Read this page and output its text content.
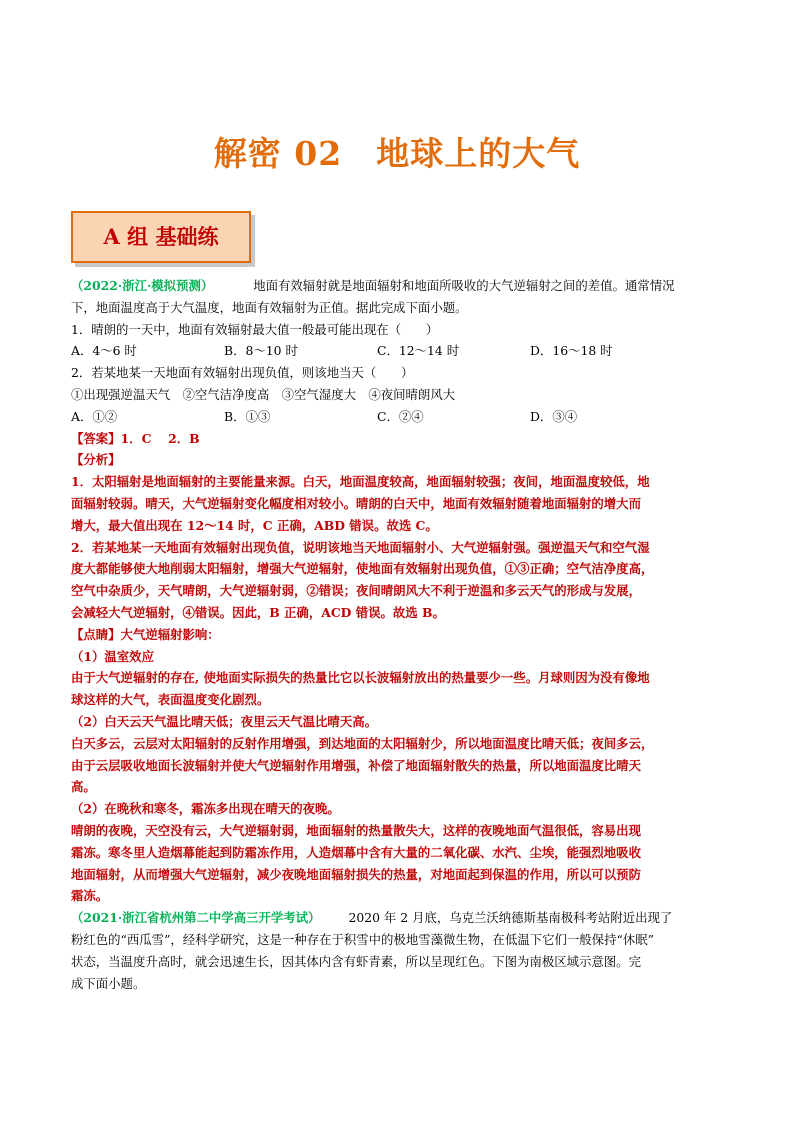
解密 02　地球上的大气
A 组 基础练
（2022·浙江·模拟预测）	地面有效辐射就是地面辐射和地面所吸收的大气逆辐射之间的差值。通常情况
下，地面温度高于大气温度，地面有效辐射为正值。据此完成下面小题。
1．晴朗的一天中，地面有效辐射最大值一般最可能出现在（　　）
A．4～6 时	B．8～10 时	C．12～14 时	D．16～18 时
2．若某地某一天地面有效辐射出现负值，则该地当天（　　）
①出现强逆温天气　②空气洁净度高　③空气湿度大　④夜间晴朗风大
A．①②	B．①③	C．②④	D．③④
【答案】1．C　 2．B
【分析】
1．太阳辐射是地面辐射的主要能量来源。白天，地面温度较高，地面辐射较强；夜间，地面温度较低，地
面辐射较弱。晴天，大气逆辐射变化幅度相对较小。晴朗的白天中，地面有效辐射随着地面辐射的增大而
增大，最大值出现在 12～14 时，C 正确，ABD 错误。故选 C。
2．若某地某一天地面有效辐射出现负值，说明该地当天地面辐射小、大气逆辐射强。强逆温天气和空气湿
度大都能够使大地削弱太阳辐射，增强大气逆辐射，使地面有效辐射出现负值，①③正确；空气洁净度高，
空气中杂质少，天气晴朗，大气逆辐射弱，②错误；夜间晴朗风大不利于逆温和多云天气的形成与发展，
会减轻大气逆辐射，④错误。因此，B 正确，ACD 错误。故选 B。
【点睛】大气逆辐射影响：
（1）温室效应
由于大气逆辐射的存在, 使地面实际损失的热量比它以长波辐射放出的热量要少一些。月球则因为没有像地
球这样的大气，表面温度变化剧烈。
（2）白天云天气温比晴天低；夜里云天气温比晴天高。
白天多云，云层对太阳辐射的反射作用增强，到达地面的太阳辐射少，所以地面温度比晴天低；夜间多云，
由于云层吸收地面长波辐射并使大气逆辐射作用增强，补偿了地面辐射散失的热量，所以地面温度比晴天
高。
（2）在晚秋和寒冬，霜冻多出现在晴天的夜晚。
晴朗的夜晚，天空没有云，大气逆辐射弱，地面辐射的热量散失大，这样的夜晚地面气温很低，容易出现
霜冻。寒冬里人造烟幕能起到防霜冻作用，人造烟幕中含有大量的二氧化碳、水汽、尘埃，能强烈地吸收
地面辐射，从而增强大气逆辐射，减少夜晚地面辐射损失的热量，对地面起到保温的作用，所以可以预防
霜冻。
（2021·浙江省杭州第二中学高三开学考试） 2020 年 2 月底，乌克兰沃纳德斯基南极科考站附近出现了
粉红色的“西瓜雪”，经科学研究，这是一种存在于积雪中的极地雪藻微生物，在低温下它们一般保持“休眠”
状态，当温度升高时，就会迅速生长，因其体内含有虾青素，所以呈现红色。下图为南极区域示意图。完
成下面小题。
